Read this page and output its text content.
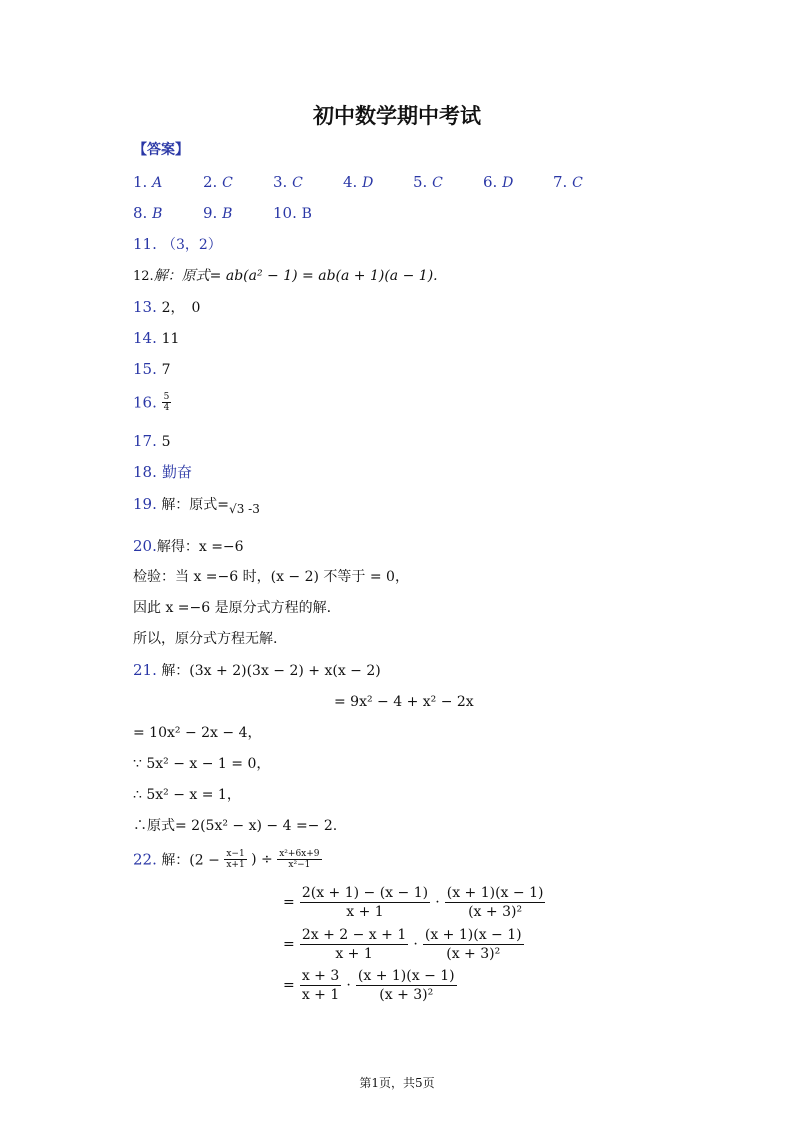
初中数学期中考试
【答案】
1. A	2. C	3. C	4. D	5. C	6. D	7. C
8. B	9. B	10. B
11. （3，2）
12.解：原式= ab(a² − 1) = ab(a + 1)(a − 1).
13. 2，　0
14. 11
15. 7
16. $\frac{5}{4}$
17. 5
18. 勤奋
19. 解：原式=√3 -3
20.解得：x =−6
检验：当 x =−6 时，(x − 2) 不等于 = 0，
因此 x =−6 是原分式方程的解.
所以，原分式方程无解.
21. 解：(3x + 2)(3x − 2) + x(x − 2)
= 9x² − 4 + x² − 2x
= 10x² − 2x − 4，
∵ 5x² − x − 1 = 0，
∴ 5x² − x = 1，
∴原式= 2(5x² − x) − 4 =− 2.
22. 解：($2 - \frac{x-1}{x+1}$ ) ÷ $\frac{\text{x²+6x+9}}{\text{x²−1}}$
= $\frac{2(x + 1) - (x - 1)}{x + 1} \cdot \frac{(x + 1)(x - 1)}{\text{(x + 3)²}}$
= $\frac{2x + 2 - x + 1}{x + 1} \cdot \frac{(x + 1)(x - 1)}{\text{(x + 3)²}}$
= $\frac{x + 3}{x + 1} \cdot \frac{(x + 1)(x - 1)}{\text{(x + 3)²}}$
第1页，共5页
